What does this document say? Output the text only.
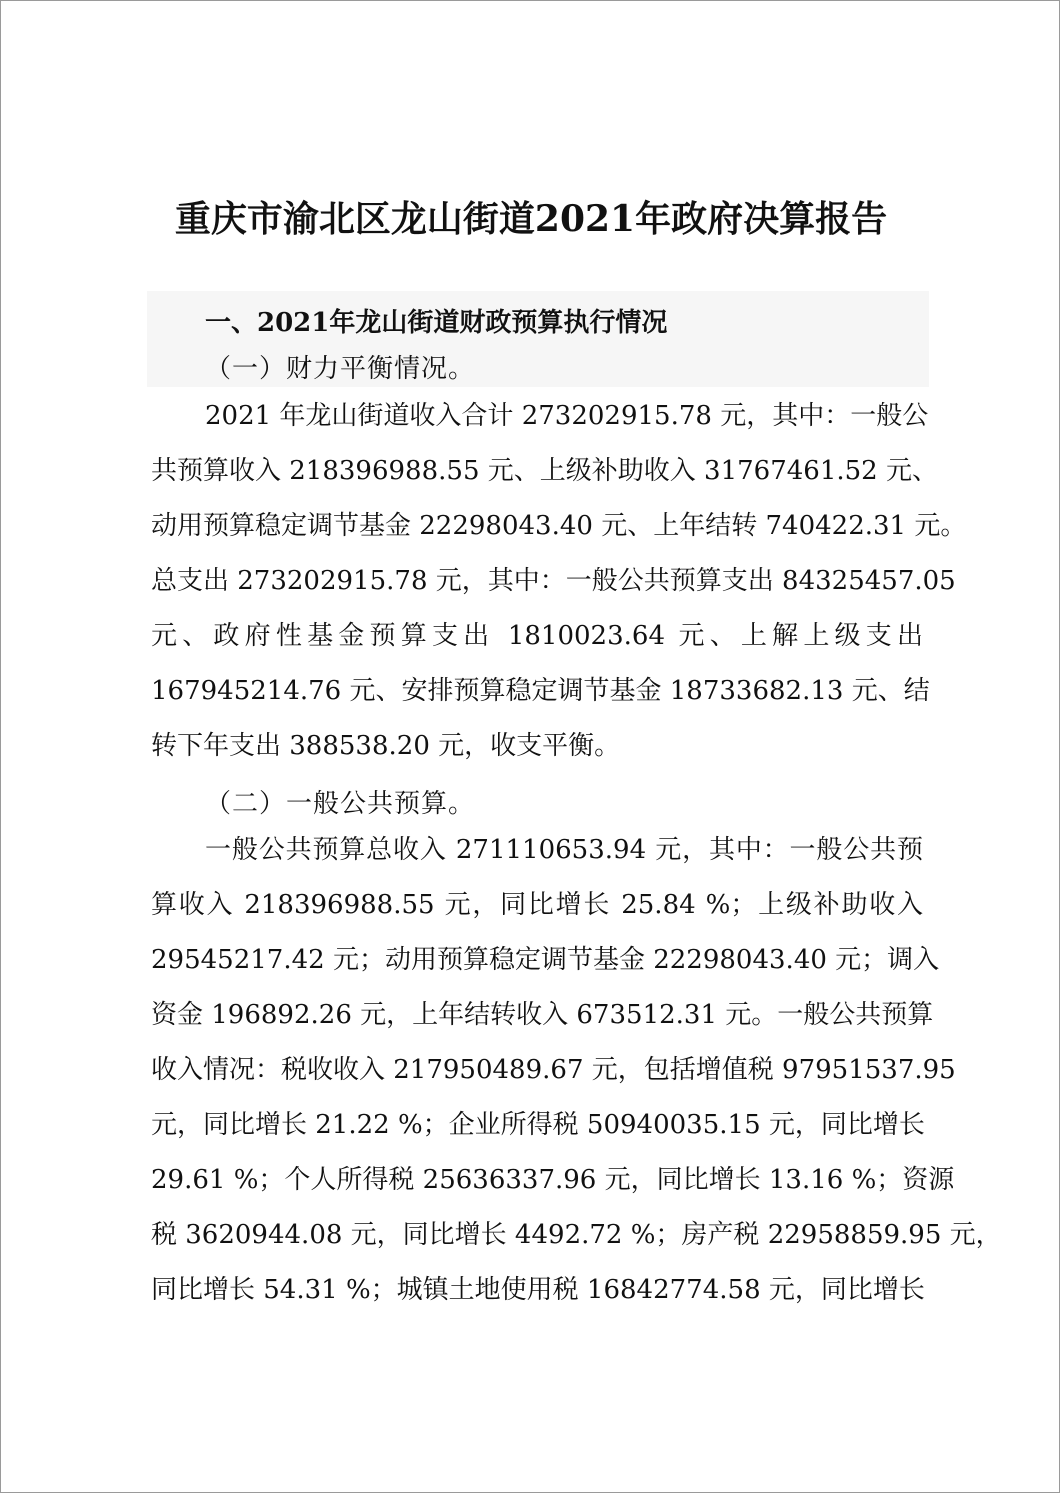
重庆市渝北区龙山街道2021年政府决算报告
一、2021年龙山街道财政预算执行情况
（一）财力平衡情况。
2021 年龙山街道收入合计 273202915.78 元，其中：一般公
共预算收入 218396988.55 元、上级补助收入 31767461.52 元、
动用预算稳定调节基金 22298043.40 元、上年结转 740422.31 元。
总支出 273202915.78 元，其中：一般公共预算支出 84325457.05
元、政府性基金预算支出 1810023.64 元、上解上级支出
167945214.76 元、安排预算稳定调节基金 18733682.13 元、结
转下年支出 388538.20 元，收支平衡。
（二）一般公共预算。
一般公共预算总收入 271110653.94 元，其中：一般公共预
算收入 218396988.55 元，同比增长 25.84 %；上级补助收入
29545217.42 元；动用预算稳定调节基金 22298043.40 元；调入
资金 196892.26 元，上年结转收入 673512.31 元。一般公共预算
收入情况：税收收入 217950489.67 元，包括增值税 97951537.95
元，同比增长 21.22 %；企业所得税 50940035.15 元，同比增长
29.61 %；个人所得税 25636337.96 元，同比增长 13.16 %；资源
税 3620944.08 元，同比增长 4492.72 %；房产税 22958859.95 元，
同比增长 54.31 %；城镇土地使用税 16842774.58 元，同比增长
